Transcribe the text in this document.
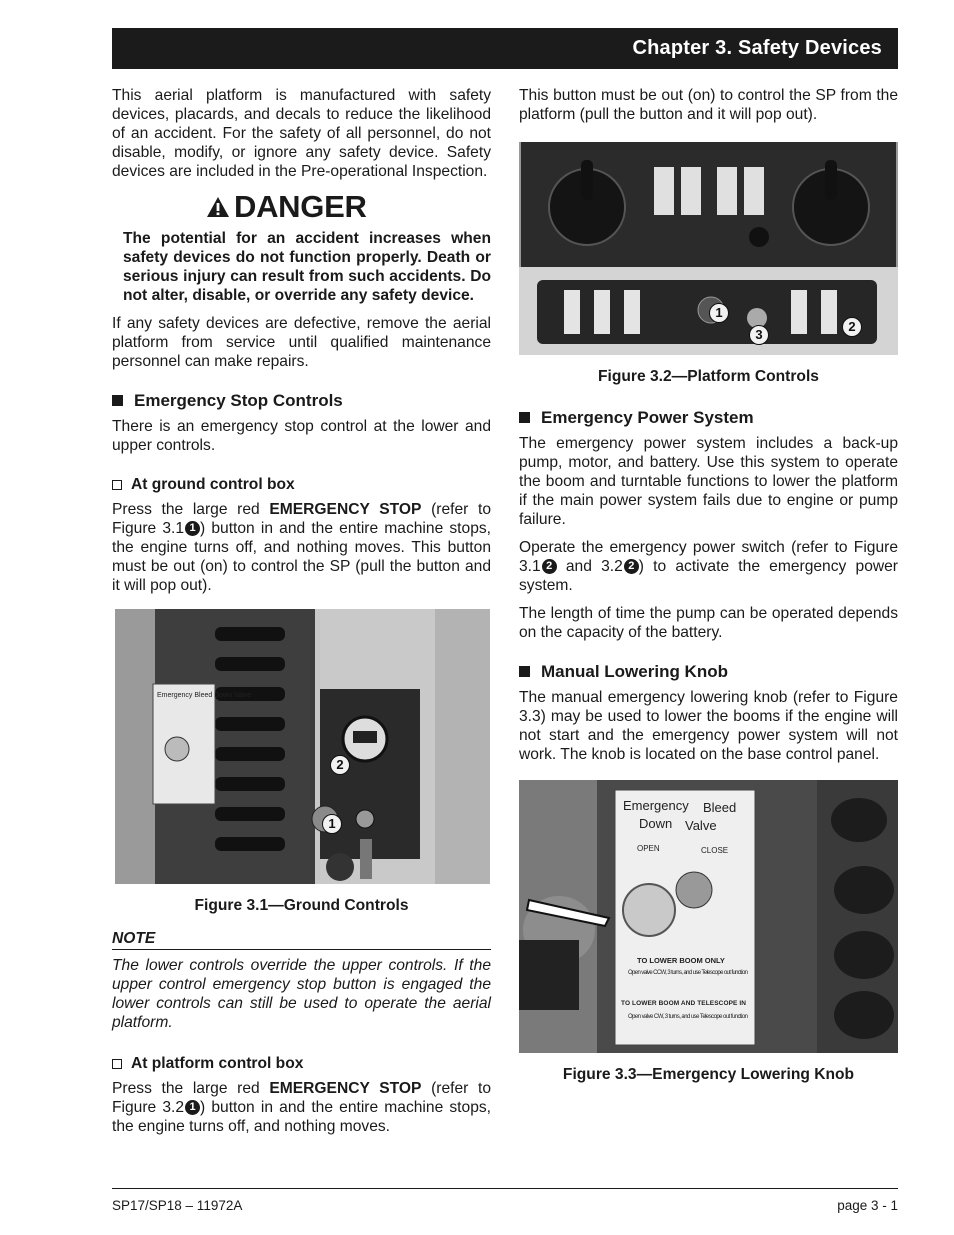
Chapter 3. Safety Devices

This aerial platform is manufactured with safety devices, placards, and decals to reduce the likelihood of an accident. For the safety of all personnel, do not disable, modify, or ignore any safety device. Safety devices are included in the Pre-operational Inspection.

DANGER
The potential for an accident increases when safety devices do not function properly. Death or serious injury can result from such accidents. Do not alter, disable, or override any safety device.

If any safety devices are defective, remove the aerial platform from service until qualified maintenance personnel can make repairs.

Emergency Stop Controls

There is an emergency stop control at the lower and upper controls.

At ground control box

Press the large red EMERGENCY STOP (refer to Figure 3.1 1 ) button in and the entire machine stops, the engine turns off, and nothing moves. This button must be out (on) to control the SP (pull the button and it will pop out).

Emergency Bleed Down Valve
2
1
Figure 3.1—Ground Controls
NOTE

The lower controls override the upper controls. If the upper control emergency stop button is engaged the lower controls can still be used to operate the aerial platform.

At platform control box

Press the large red EMERGENCY STOP (refer to Figure 3.2 1 ) button in and the entire machine stops, the engine turns off, and nothing moves.

This button must be out (on) to control the SP from the platform (pull the button and it will pop out).

1
2
3
Figure 3.2—Platform Controls
Emergency Power System

The emergency power system includes a back-up pump, motor, and battery. Use this system to operate the boom and turntable functions to lower the platform if the main power system fails due to engine or pump failure.

Operate the emergency power switch (refer to Figure 3.1 2 and 3.2 2 ) to activate the emergency power system.

The length of time the pump can be operated depends on the capacity of the battery.

Manual Lowering Knob

The manual emergency lowering knob (refer to Figure 3.3) may be used to lower the booms if the engine will not start and the emergency power system will not work. The knob is located on the base control panel.

Emergency Bleed
Down Valve
OPEN	CLOSE
TO LOWER BOOM ONLY
Open valve CCW, 3 turns, and use Telescope out function
TO LOWER BOOM AND TELESCOPE IN
Open valve CW, 3 turns, and use Telescope out function
Figure 3.3—Emergency Lowering Knob
SP17/SP18 – 11972A	page 3 - 1
